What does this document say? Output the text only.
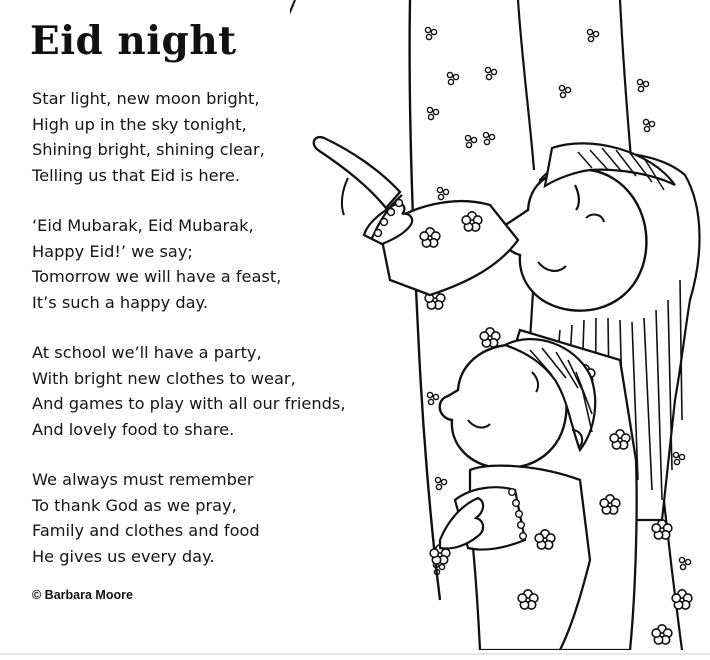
Eid night
Star light, new moon bright,
High up in the sky tonight,
Shining bright, shining clear,
Telling us that Eid is here.
‘Eid Mubarak, Eid Mubarak,
Happy Eid!’ we say;
Tomorrow we will have a feast,
It’s such a happy day.
At school we’ll have a party,
With bright new clothes to wear,
And games to play with all our friends,
And lovely food to share.
We always must remember
To thank God as we pray,
Family and clothes and food
He gives us every day.
© Barbara Moore
